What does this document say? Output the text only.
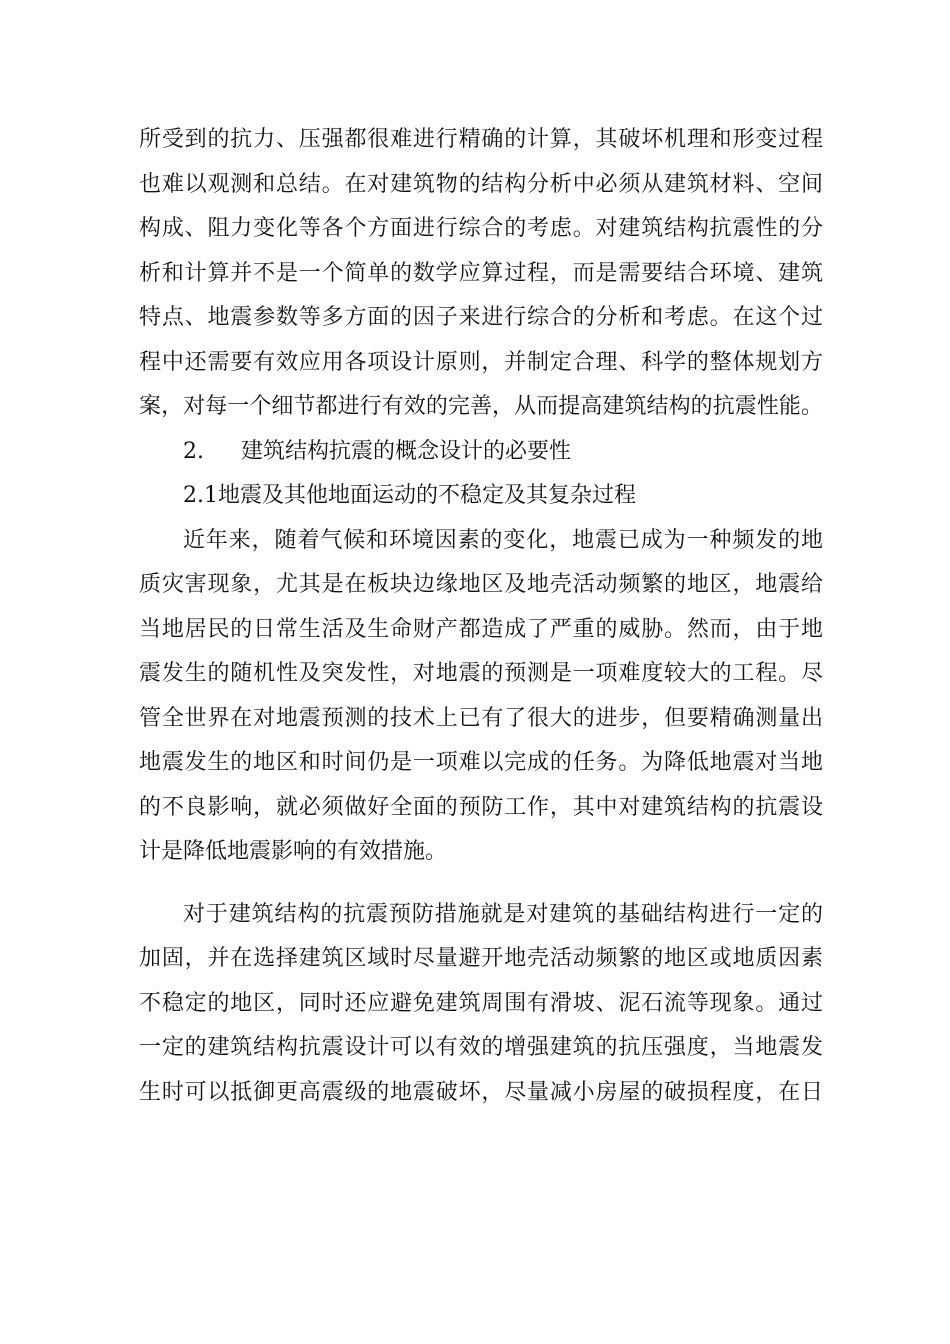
所受到的抗力、压强都很难进行精确的计算，其破坏机理和形变过程
也难以观测和总结。在对建筑物的结构分析中必须从建筑材料、空间
构成、阻力变化等各个方面进行综合的考虑。对建筑结构抗震性的分
析和计算并不是一个简单的数学应算过程，而是需要结合环境、建筑
特点、地震参数等多方面的因子来进行综合的分析和考虑。在这个过
程中还需要有效应用各项设计原则，并制定合理、科学的整体规划方
案，对每一个细节都进行有效的完善，从而提高建筑结构的抗震性能。
2. 建筑结构抗震的概念设计的必要性
2.1地震及其他地面运动的不稳定及其复杂过程
近年来，随着气候和环境因素的变化，地震已成为一种频发的地
质灾害现象，尤其是在板块边缘地区及地壳活动频繁的地区，地震给
当地居民的日常生活及生命财产都造成了严重的威胁。然而，由于地
震发生的随机性及突发性，对地震的预测是一项难度较大的工程。尽
管全世界在对地震预测的技术上已有了很大的进步，但要精确测量出
地震发生的地区和时间仍是一项难以完成的任务。为降低地震对当地
的不良影响，就必须做好全面的预防工作，其中对建筑结构的抗震设
计是降低地震影响的有效措施。
对于建筑结构的抗震预防措施就是对建筑的基础结构进行一定的
加固，并在选择建筑区域时尽量避开地壳活动频繁的地区或地质因素
不稳定的地区，同时还应避免建筑周围有滑坡、泥石流等现象。通过
一定的建筑结构抗震设计可以有效的增强建筑的抗压强度，当地震发
生时可以抵御更高震级的地震破坏，尽量减小房屋的破损程度，在日
